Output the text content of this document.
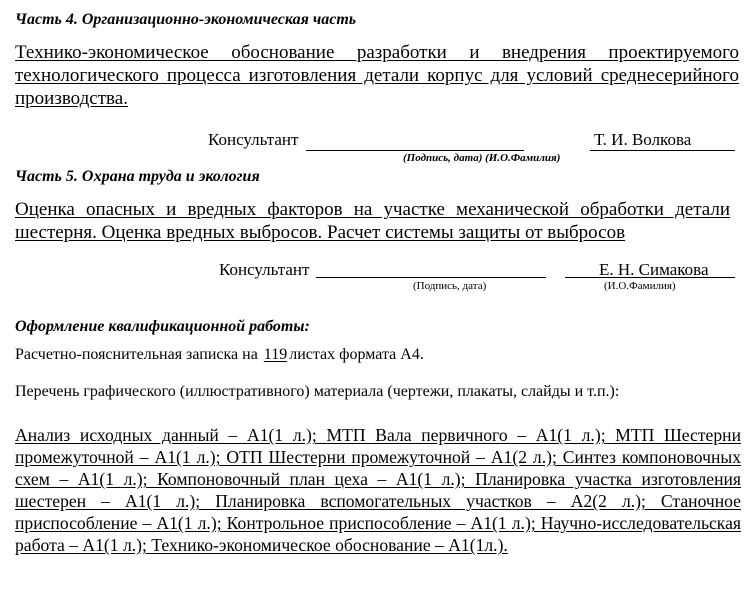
Часть 4. Организационно-экономическая часть
Технико-экономическое обоснование разработки и внедрения проектируемого технологического процесса изготовления детали корпус для условий среднесерийного производства.
Консультант	Т. И. Волкова
(Подпись, дата) (И.О.Фамилия)
Часть 5. Охрана труда и экология
Оценка опасных и вредных факторов на участке механической обработки детали шестерня. Оценка вредных выбросов. Расчет системы защиты от выбросов
Консультант	Е. Н. Симакова
(Подпись, дата)	(И.О.Фамилия)
Оформление квалификационной работы:
Расчетно-пояснительная записка на 119 листах формата А4.
Перечень графического (иллюстративного) материала (чертежи, плакаты, слайды и т.п.):
Анализ исходных данный – А1(1 л.); МТП Вала первичного – А1(1 л.); МТП Шестерни промежуточной – А1(1 л.); ОТП Шестерни промежуточной – А1(2 л.); Синтез компоновочных схем – А1(1 л.); Компоновочный план цеха – А1(1 л.); Планировка участка изготовления шестерен – А1(1 л.); Планировка вспомогательных участков – А2(2 л.); Станочное приспособление – А1(1 л.); Контрольное приспособление – А1(1 л.); Научно-исследовательская работа – А1(1 л.); Технико-экономическое обоснование – А1(1л.).
